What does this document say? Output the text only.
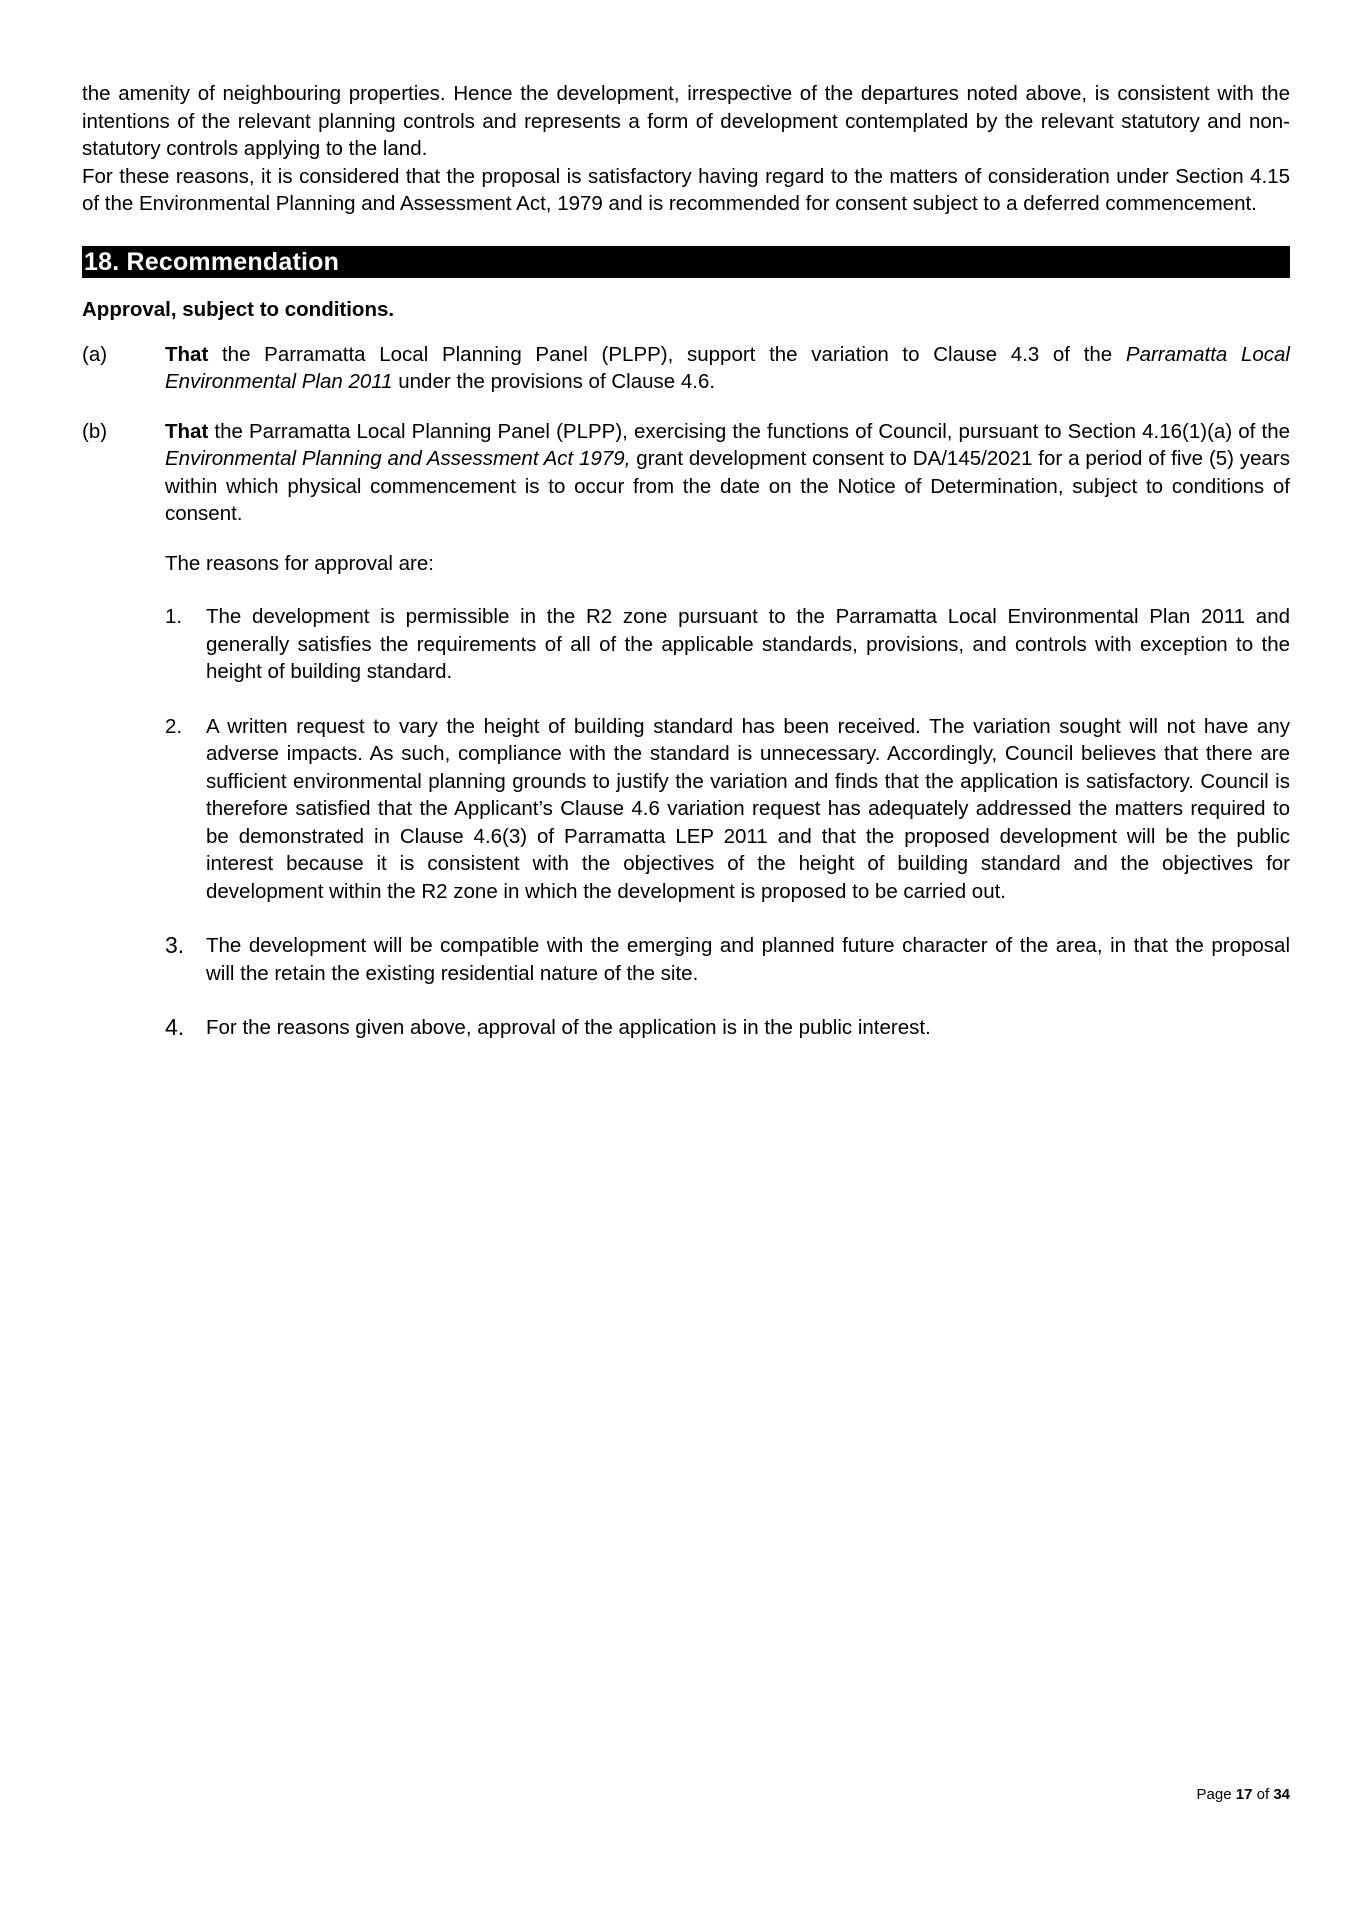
the amenity of neighbouring properties. Hence the development, irrespective of the departures noted above, is consistent with the intentions of the relevant planning controls and represents a form of development contemplated by the relevant statutory and non-statutory controls applying to the land.

For these reasons, it is considered that the proposal is satisfactory having regard to the matters of consideration under Section 4.15 of the Environmental Planning and Assessment Act, 1979 and is recommended for consent subject to a deferred commencement.

18. Recommendation
Approval, subject to conditions.
(a)	That the Parramatta Local Planning Panel (PLPP), support the variation to Clause 4.3 of the Parramatta Local Environmental Plan 2011 under the provisions of Clause 4.6.

(b)	That the Parramatta Local Planning Panel (PLPP), exercising the functions of Council, pursuant to Section 4.16(1)(a) of the Environmental Planning and Assessment Act 1979, grant development consent to DA/145/2021 for a period of five (5) years within which physical commencement is to occur from the date on the Notice of Determination, subject to conditions of consent.

The reasons for approval are:
1.	The development is permissible in the R2 zone pursuant to the Parramatta Local Environmental Plan 2011 and generally satisfies the requirements of all of the applicable standards, provisions, and controls with exception to the height of building standard.

2.	A written request to vary the height of building standard has been received. The variation sought will not have any adverse impacts. As such, compliance with the standard is unnecessary. Accordingly, Council believes that there are sufficient environmental planning grounds to justify the variation and finds that the application is satisfactory. Council is therefore satisfied that the Applicant’s Clause 4.6 variation request has adequately addressed the matters required to be demonstrated in Clause 4.6(3) of Parramatta LEP 2011 and that the proposed development will be the public interest because it is consistent with the objectives of the height of building standard and the objectives for development within the R2 zone in which the development is proposed to be carried out.

3.	The development will be compatible with the emerging and planned future character of the area, in that the proposal will the retain the existing residential nature of the site.

4.	For the reasons given above, approval of the application is in the public interest.

Page 17 of 34
